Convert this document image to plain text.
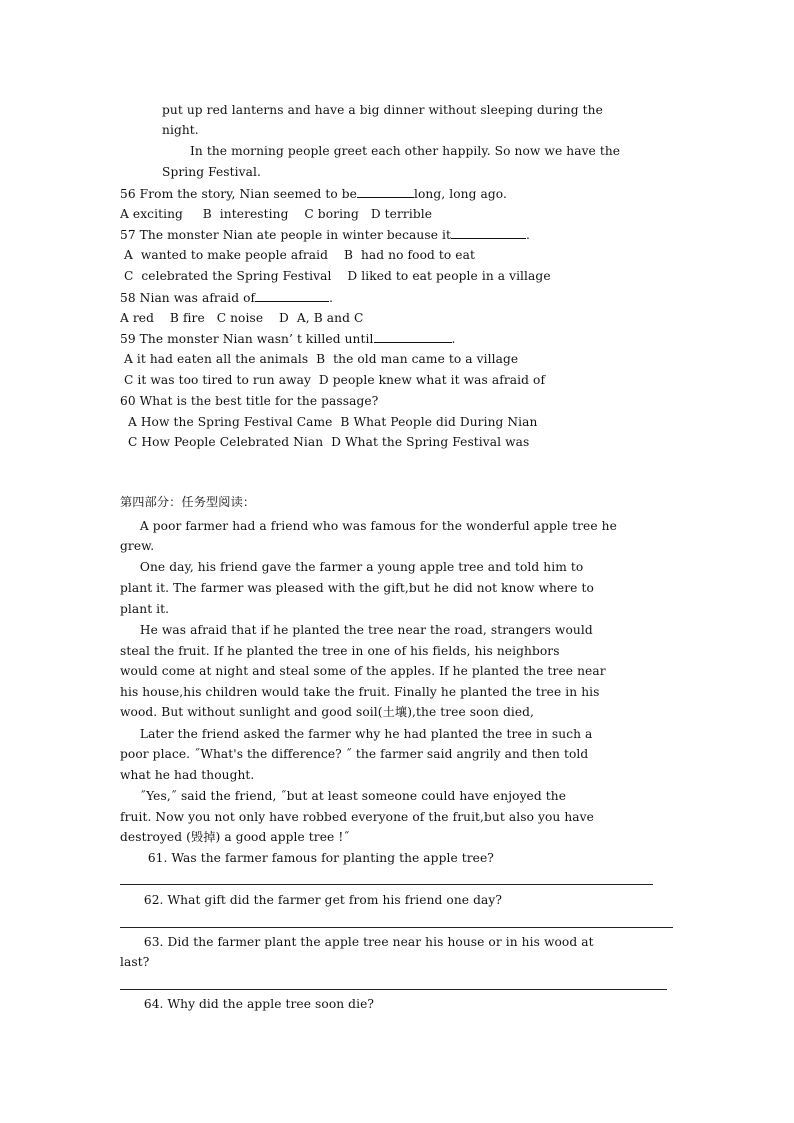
put up red lanterns and have a big dinner without sleeping during the
night.
In the morning people greet each other happily. So now we have the
Spring Festival.
56 From the story, Nian seemed to be	long, long ago.
A exciting     B  interesting    C boring   D terrible
57 The monster Nian ate people in winter because it	.
A  wanted to make people afraid    B  had no food to eat
C  celebrated the Spring Festival    D liked to eat people in a village
58 Nian was afraid of	.
A red    B fire   C noise    D  A, B and C
59 The monster Nian wasn’ t killed until	.
A it had eaten all the animals  B  the old man came to a village
C it was too tired to run away  D people knew what it was afraid of
60 What is the best title for the passage?
A How the Spring Festival Came  B What People did During Nian
C How People Celebrated Nian  D What the Spring Festival was
第四部分：任务型阅读：
A poor farmer had a friend who was famous for the wonderful apple tree he
grew.
One day, his friend gave the farmer a young apple tree and told him to
plant it. The farmer was pleased with the gift,but he did not know where to
plant it.
He was afraid that if he planted the tree near the road, strangers would
steal the fruit. If he planted the tree in one of his fields, his neighbors
would come at night and steal some of the apples. If he planted the tree near
his house,his children would take the fruit. Finally he planted the tree in his
wood. But without sunlight and good soil(土壤),the tree soon died,
Later the friend asked the farmer why he had planted the tree in such a
poor place. ˝What's the difference? ˝ the farmer said angrily and then told
what he had thought.
˝Yes,˝ said the friend, ˝but at least someone could have enjoyed the
fruit. Now you not only have robbed everyone of the fruit,but also you have
destroyed (毁掉) a good apple tree !˝
61. Was the farmer famous for planting the apple tree?
62. What gift did the farmer get from his friend one day?
63. Did the farmer plant the apple tree near his house or in his wood at
last?
64. Why did the apple tree soon die?
